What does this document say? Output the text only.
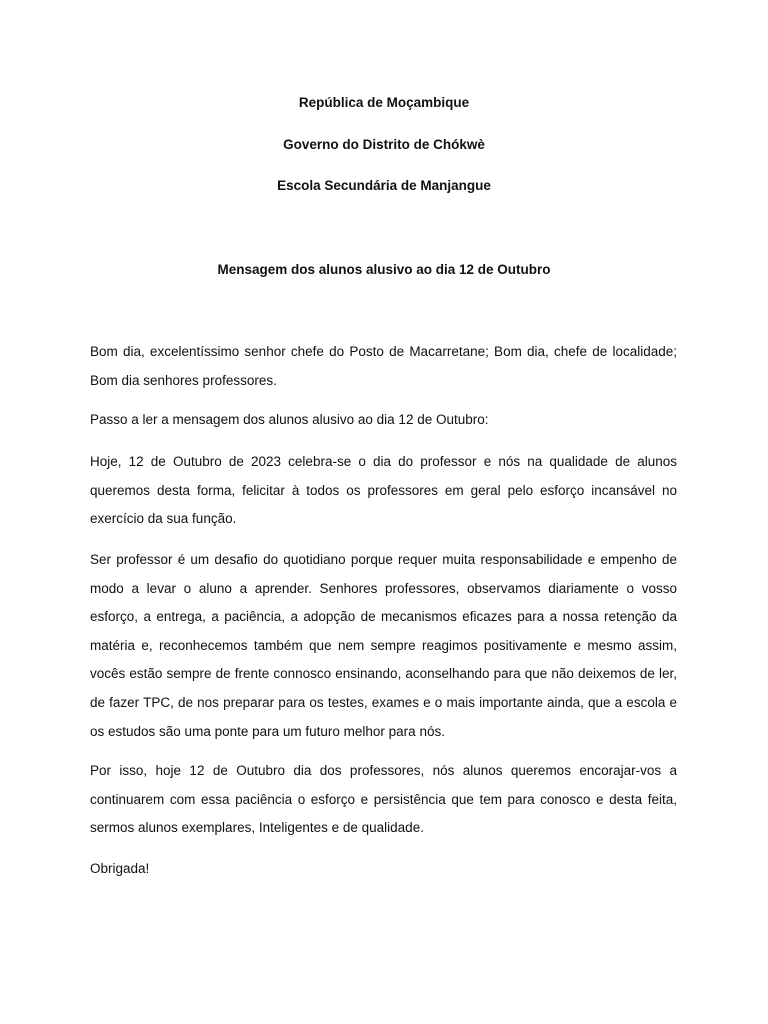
República de Moçambique
Governo do Distrito de Chókwè
Escola Secundária de Manjangue
Mensagem dos alunos alusivo ao dia 12 de Outubro

Bom dia, excelentíssimo senhor chefe do Posto de Macarretane; Bom dia, chefe de localidade; Bom dia senhores professores.

Passo a ler a mensagem dos alunos alusivo ao dia 12 de Outubro:

Hoje, 12 de Outubro de 2023 celebra-se o dia do professor e nós na qualidade de alunos queremos desta forma, felicitar à todos os professores em geral pelo esforço incansável no exercício da sua função.

Ser professor é um desafio do quotidiano porque requer muita responsabilidade e empenho de modo a levar o aluno a aprender. Senhores professores, observamos diariamente o vosso esforço, a entrega, a paciência, a adopção de mecanismos eficazes para a nossa retenção da matéria e, reconhecemos também que nem sempre reagimos positivamente e mesmo assim, vocês estão sempre de frente connosco ensinando, aconselhando para que não deixemos de ler, de fazer TPC, de nos preparar para os testes, exames e o mais importante ainda, que a escola e os estudos são uma ponte para um futuro melhor para nós.

Por isso, hoje 12 de Outubro dia dos professores, nós alunos queremos encorajar-vos a continuarem com essa paciência o esforço e persistência que tem para conosco e desta feita, sermos alunos exemplares, Inteligentes e de qualidade.

Obrigada!
